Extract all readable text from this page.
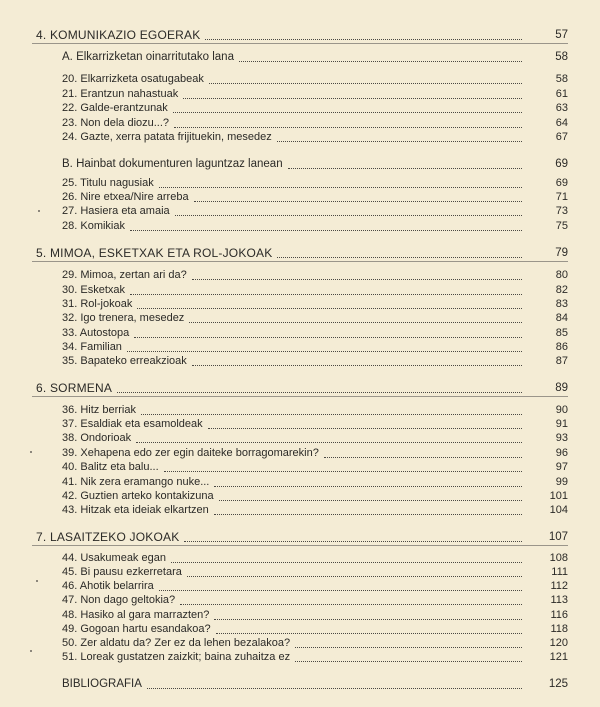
4. KOMUNIKAZIO EGOERAK	57
A. Elkarrizketan oinarritutako lana	58
20. Elkarrizketa osatugabeak	58
21. Erantzun nahastuak	61
22. Galde-erantzunak	63
23. Non dela diozu...?	64
24. Gazte, xerra patata frijituekin, mesedez	67
B. Hainbat dokumenturen laguntzaz lanean	69
25. Titulu nagusiak	69
26. Nire etxea/Nire arreba	71
27. Hasiera eta amaia	73
28. Komikiak	75
5. MIMOA, ESKETXAK ETA ROL-JOKOAK	79
29. Mimoa, zertan ari da?	80
30. Esketxak	82
31. Rol-jokoak	83
32. Igo trenera, mesedez	84
33. Autostopa	85
34. Familian	86
35. Bapateko erreakzioak	87
6. SORMENA	89
36. Hitz berriak	90
37. Esaldiak eta esamoldeak	91
38. Ondorioak	93
39. Xehapena edo zer egin daiteke borragomarekin?	96
40. Balitz eta balu...	97
41. Nik zera eramango nuke...	99
42. Guztien arteko kontakizuna	101
43. Hitzak eta ideiak elkartzen	104
7. LASAITZEKO JOKOAK	107
44. Usakumeak egan	108
45. Bi pausu ezkerretara	111
46. Ahotik belarrira	112
47. Non dago geltokia?	113
48. Hasiko al gara marrazten?	116
49. Gogoan hartu esandakoa?	118
50. Zer aldatu da? Zer ez da lehen bezalakoa?	120
51. Loreak gustatzen zaizkit; baina zuhaitza ez	121
BIBLIOGRAFIA	125
